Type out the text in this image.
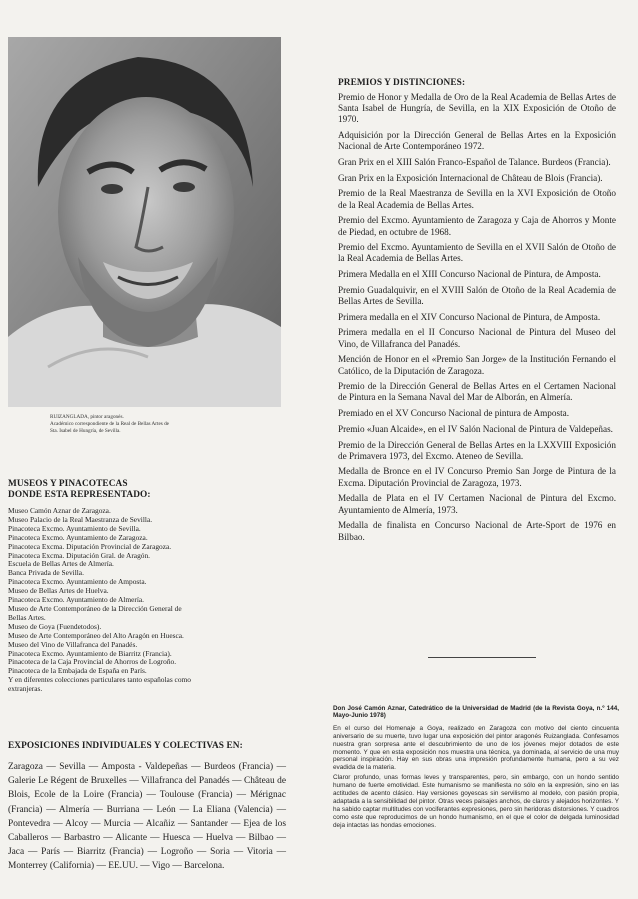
RUIZANGLADA, pintor aragonés.
Académico correspondiente de la Real de Bellas Artes de
Sta. Isabel de Hungría, de Sevilla.
MUSEOS Y PINACOTECAS
DONDE ESTA REPRESENTADO:
Museo Camón Aznar de Zaragoza.
Museo Palacio de la Real Maestranza de Sevilla.
Pinacoteca Excmo. Ayuntamiento de Sevilla.
Pinacoteca Excmo. Ayuntamiento de Zaragoza.
Pinacoteca Excma. Diputación Provincial de Zaragoza.
Pinacoteca Excma. Diputación Gral. de Aragón.
Escuela de Bellas Artes de Almería.
Banca Privada de Sevilla.
Pinacoteca Excmo. Ayuntamiento de Amposta.
Museo de Bellas Artes de Huelva.
Pinacoteca Excmo. Ayuntamiento de Almería.
Museo de Arte Contemporáneo de la Dirección General de
Bellas Artes.
Museo de Goya (Fuendetodos).
Museo de Arte Contemporáneo del Alto Aragón en Huesca.
Museo del Vino de Villafranca del Panadés.
Pinacoteca Excmo. Ayuntamiento de Biarritz (Francia).
Pinacoteca de la Caja Provincial de Ahorros de Logroño.
Pinacoteca de la Embajada de España en París.
Y en diferentes colecciones particulares tanto españolas como
extranjeras.
EXPOSICIONES INDIVIDUALES Y COLECTIVAS EN:
Zaragoza — Sevilla — Amposta - Valdepeñas — Burdeos (Francia) — Galerie Le Régent de Bruxelles — Villafranca del Panadés — Château de Blois, Ecole de la Loire (Francia) — Toulouse (Francia) — Mérignac (Francia) — Almería — Burriana — León — La Eliana (Valencia) — Pontevedra — Alcoy — Murcia — Alcañiz — Santander — Ejea de los Caballeros — Barbastro — Alicante — Huesca — Huelva — Bilbao — Jaca — París — Biarritz (Francia) — Logroño — Soria — Vitoria — Monterrey (California) — EE.UU. — Vigo — Barcelona.
PREMIOS Y DISTINCIONES:
Premio de Honor y Medalla de Oro de la Real Academia de Bellas Artes de Santa Isabel de Hungría, de Sevilla, en la XIX Exposición de Otoño de 1970.
Adquisición por la Dirección General de Bellas Artes en la Exposición Nacional de Arte Contemporáneo 1972.
Gran Prix en el XIII Salón Franco-Español de Talance. Burdeos (Francia).
Gran Prix en la Exposición Internacional de Château de Blois (Francia).
Premio de la Real Maestranza de Sevilla en la XVI Exposición de Otoño de la Real Academia de Bellas Artes.
Premio del Excmo. Ayuntamiento de Zaragoza y Caja de Ahorros y Monte de Piedad, en octubre de 1968.
Premio del Excmo. Ayuntamiento de Sevilla en el XVII Salón de Otoño de la Real Academia de Bellas Artes.
Primera Medalla en el XIII Concurso Nacional de Pintura, de Amposta.
Premio Guadalquivir, en el XVIII Salón de Otoño de la Real Academia de Bellas Artes de Sevilla.
Primera medalla en el XIV Concurso Nacional de Pintura, de Amposta.
Primera medalla en el II Concurso Nacional de Pintura del Museo del Vino, de Villafranca del Panadés.
Mención de Honor en el «Premio San Jorge» de la Institución Fernando el Católico, de la Diputación de Zaragoza.
Premio de la Dirección General de Bellas Artes en el Certamen Nacional de Pintura en la Semana Naval del Mar de Alborán, en Almería.
Premiado en el XV Concurso Nacional de pintura de Amposta.
Premio «Juan Alcaide», en el IV Salón Nacional de Pintura de Valdepeñas.
Premio de la Dirección General de Bellas Artes en la LXXVIII Exposición de Primavera 1973, del Excmo. Ateneo de Sevilla.
Medalla de Bronce en el IV Concurso Premio San Jorge de Pintura de la Excma. Diputación Provincial de Zaragoza, 1973.
Medalla de Plata en el IV Certamen Nacional de Pintura del Excmo. Ayuntamiento de Almería, 1973.
Medalla de finalista en Concurso Nacional de Arte-Sport de 1976 en Bilbao.
Don José Camón Aznar, Catedrático de la Universidad de Madrid (de la Revista Goya, n.º 144, Mayo-Junio 1978)
En el curso del Homenaje a Goya, realizado en Zaragoza con motivo del ciento cincuenta aniversario de su muerte, tuvo lugar una exposición del pintor aragonés Ruizanglada. Confesamos nuestra gran sorpresa ante el descubrimiento de uno de los jóvenes mejor dotados de este momento. Y que en esta exposición nos muestra una técnica, ya dominada, al servicio de una muy personal inspiración. Hay en sus obras una impresión profundamente humana, pero a su vez evadida de la materia.
Claror profundo, unas formas leves y transparentes, pero, sin embargo, con un hondo sentido humano de fuerte emotividad. Este humanismo se manifiesta no sólo en la expresión, sino en las actitudes de acento clásico. Hay versiones goyescas sin servilismo al modelo, con pasión propia, adaptada a la sensibilidad del pintor. Otras veces paisajes anchos, de claros y alejados horizontes. Y ha sabido captar multitudes con vociferantes expresiones, pero sin heridoras distorsiones. Y cuadros como este que reproducimos de un hondo humanismo, en el que el color de delgada luminosidad deja intactas las hondas emociones.
